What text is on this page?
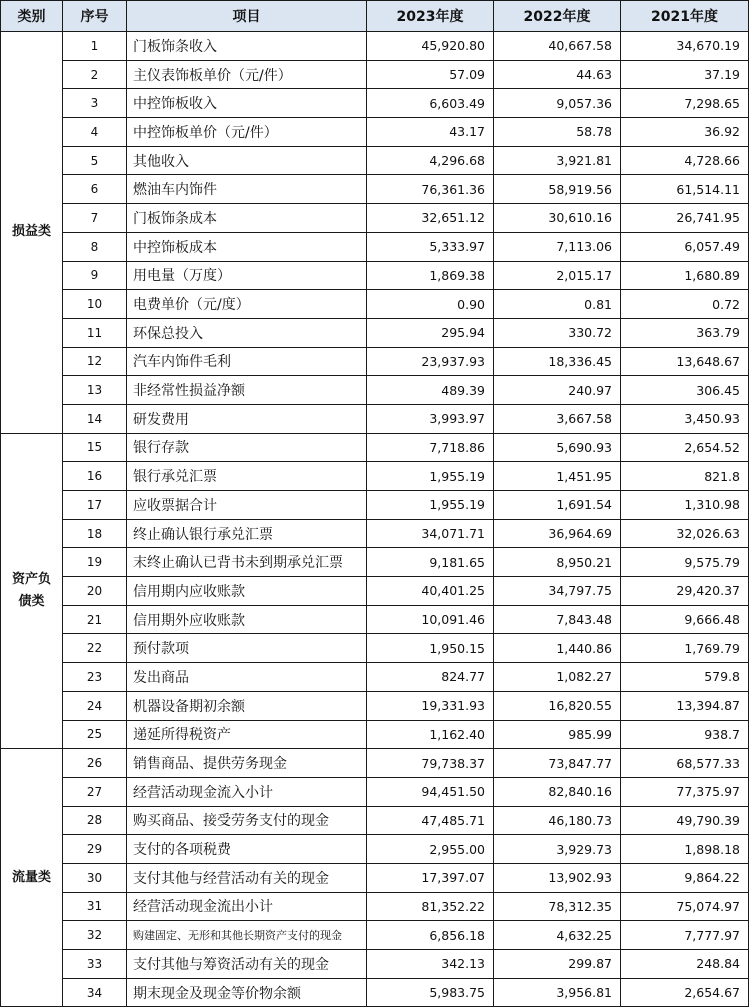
类别	序号	项目	2023年度	2022年度	2021年度
损益类	1	门板饰条收入	45,920.80	40,667.58	34,670.19
	2	主仪表饰板单价（元/件）	57.09	44.63	37.19
	3	中控饰板收入	6,603.49	9,057.36	7,298.65
	4	中控饰板单价（元/件）	43.17	58.78	36.92
	5	其他收入	4,296.68	3,921.81	4,728.66
	6	燃油车内饰件	76,361.36	58,919.56	61,514.11
	7	门板饰条成本	32,651.12	30,610.16	26,741.95
	8	中控饰板成本	5,333.97	7,113.06	6,057.49
	9	用电量（万度）	1,869.38	2,015.17	1,680.89
	10	电费单价（元/度）	0.90	0.81	0.72
	11	环保总投入	295.94	330.72	363.79
	12	汽车内饰件毛利	23,937.93	18,336.45	13,648.67
	13	非经常性损益净额	489.39	240.97	306.45
	14	研发费用	3,993.97	3,667.58	3,450.93
资产负债类	15	银行存款	7,718.86	5,690.93	2,654.52
	16	银行承兑汇票	1,955.19	1,451.95	821.8
	17	应收票据合计	1,955.19	1,691.54	1,310.98
	18	终止确认银行承兑汇票	34,071.71	36,964.69	32,026.63
	19	末终止确认已背书未到期承兑汇票	9,181.65	8,950.21	9,575.79
	20	信用期内应收账款	40,401.25	34,797.75	29,420.37
	21	信用期外应收账款	10,091.46	7,843.48	9,666.48
	22	预付款项	1,950.15	1,440.86	1,769.79
	23	发出商品	824.77	1,082.27	579.8
	24	机器设备期初余额	19,331.93	16,820.55	13,394.87
	25	递延所得税资产	1,162.40	985.99	938.7
流量类	26	销售商品、提供劳务现金	79,738.37	73,847.77	68,577.33
	27	经营活动现金流入小计	94,451.50	82,840.16	77,375.97
	28	购买商品、接受劳务支付的现金	47,485.71	46,180.73	49,790.39
	29	支付的各项税费	2,955.00	3,929.73	1,898.18
	30	支付其他与经营活动有关的现金	17,397.07	13,902.93	9,864.22
	31	经营活动现金流出小计	81,352.22	78,312.35	75,074.97
	32	购建固定、无形和其他长期资产支付的现金	6,856.18	4,632.25	7,777.97
	33	支付其他与筹资活动有关的现金	342.13	299.87	248.84
	34	期末现金及现金等价物余额	5,983.75	3,956.81	2,654.67
